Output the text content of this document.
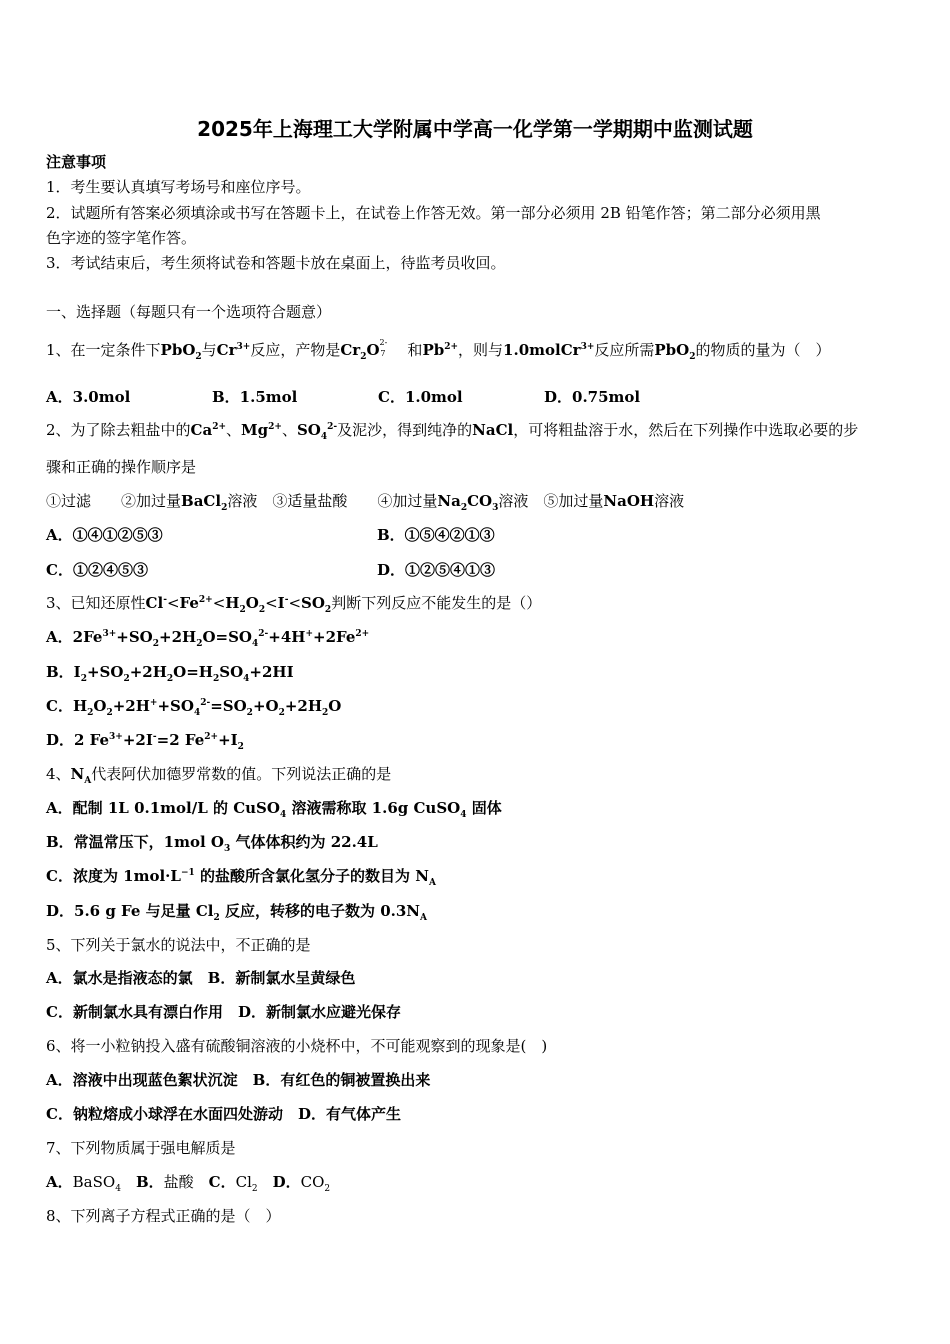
2025年上海理工大学附属中学高一化学第一学期期中监测试题
注意事项
1．考生要认真填写考场号和座位序号。
2．试题所有答案必须填涂或书写在答题卡上，在试卷上作答无效。第一部分必须用 2B 铅笔作答；第二部分必须用黑
色字迹的签字笔作答。
3．考试结束后，考生须将试卷和答题卡放在桌面上，待监考员收回。
一、选择题（每题只有一个选项符合题意）
1、在一定条件下PbO$_2$与$Cr^{3+}$反应，产物是$Cr_2O^{2-}7$　和$Pb^{2+}$，则与1.0molCr$^{3+}$反应所需PbO$_2$的物质的量为（　）
A．3.0mol	B．1.5mol	C．1.0mol	D．0.75mol
2、为了除去粗盐中的$Ca^{2+}$、$Mg^{2+}$、$SO_4^{2-}$及泥沙，得到纯净的NaCl，可将粗盐溶于水，然后在下列操作中选取必要的步
骤和正确的操作顺序是
①过滤　　②加过量BaCl$_2$溶液　③适量盐酸　　④加过量$Na_2CO_3$溶液　⑤加过量NaOH溶液
A．①④①②⑤③	B．①⑤④②①③
C．①②④⑤③	D．①②⑤④①③
3、已知还原性$Cl^-<Fe^{2+}<H_2O_2<I^-<SO_2$判断下列反应不能发生的是（）
A．$2Fe^{3+}+SO_2+2H_2O=SO_4^{2-}+4H^++2Fe^{2+}$
B．$I_2+SO_2+2H_2O=H_2SO_4+2HI$
C．$H_2O_2+2H^++SO_4^{2-}=SO_2+O_2+2H_2O$
D．2 $Fe^{3+}+2I^-=2$ $Fe^{2+}+I_2$
4、$N_A$代表阿伏加德罗常数的值。下列说法正确的是
A．配制 1L 0.1mol/L 的 CuSO$_4$ 溶液需称取 1.6g CuSO$_4$ 固体
B．常温常压下，1mol $O_3$ 气体体积约为 22.4L
C．浓度为 $1mol\cdot L^{-1}$ 的盐酸所含氯化氢分子的数目为 $N_A$
D．5.6 g Fe 与足量 $Cl_2$ 反应，转移的电子数为 $0.3N_A$
5、下列关于氯水的说法中，不正确的是
A．氯水是指液态的氯　B．新制氯水呈黄绿色
C．新制氯水具有漂白作用　D．新制氯水应避光保存
6、将一小粒钠投入盛有硫酸铜溶液的小烧杯中，不可能观察到的现象是(　)
A．溶液中出现蓝色絮状沉淀　B．有红色的铜被置换出来
C．钠粒熔成小球浮在水面四处游动　D．有气体产生
7、下列物质属于强电解质是
A．BaSO$_4$　 B．盐酸　C．$Cl_2$　 D．$CO_2$
8、下列离子方程式正确的是（　）
